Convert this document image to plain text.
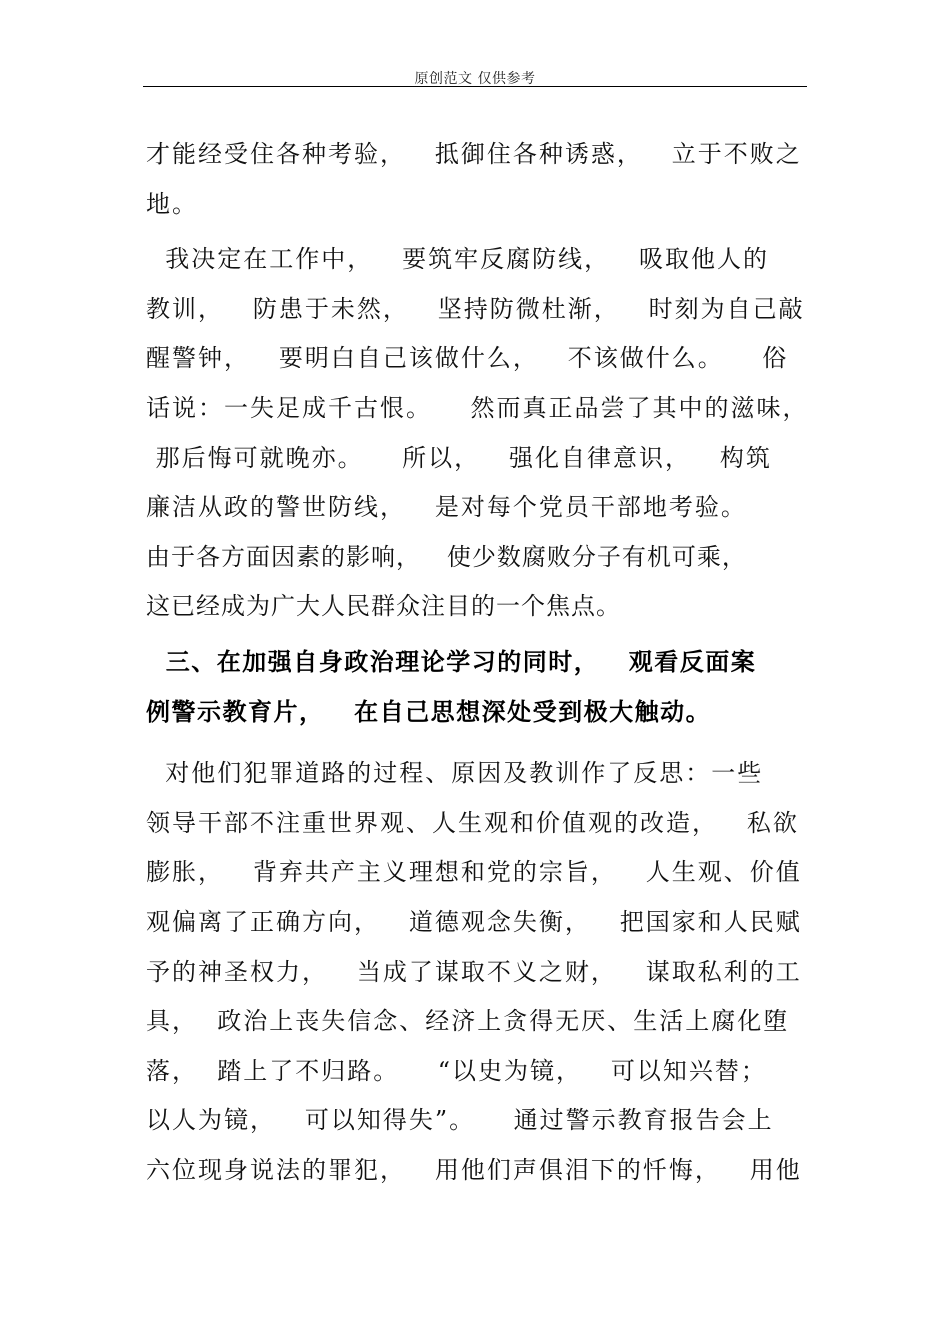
原创范文 仅供参考
才能经受住各种考验，   抵御住各种诱惑，   立于不败之
地。
我决定在工作中，   要筑牢反腐防线，   吸取他人的
教训，   防患于未然，   坚持防微杜渐，   时刻为自己敲
醒警钟，   要明白自己该做什么，   不该做什么。    俗
话说：一失足成千古恨。    然而真正品尝了其中的滋味，
那后悔可就晚亦。    所以，   强化自律意识，   构筑
廉洁从政的警世防线，   是对每个党员干部地考验。
由于各方面因素的影响，   使少数腐败分子有机可乘，
这已经成为广大人民群众注目的一个焦点。
三、在加强自身政治理论学习的同时，   观看反面案
例警示教育片，   在自己思想深处受到极大触动。
对他们犯罪道路的过程、原因及教训作了反思：一些
领导干部不注重世界观、人生观和价值观的改造，   私欲
膨胀，   背弃共产主义理想和党的宗旨，   人生观、价值
观偏离了正确方向，   道德观念失衡，   把国家和人民赋
予的神圣权力，   当成了谋取不义之财，   谋取私利的工
具，  政治上丧失信念、经济上贪得无厌、生活上腐化堕
落，  踏上了不归路。    “以史为镜，   可以知兴替；
以人为镜，   可以知得失”。    通过警示教育报告会上
六位现身说法的罪犯，   用他们声俱泪下的忏悔，   用他
